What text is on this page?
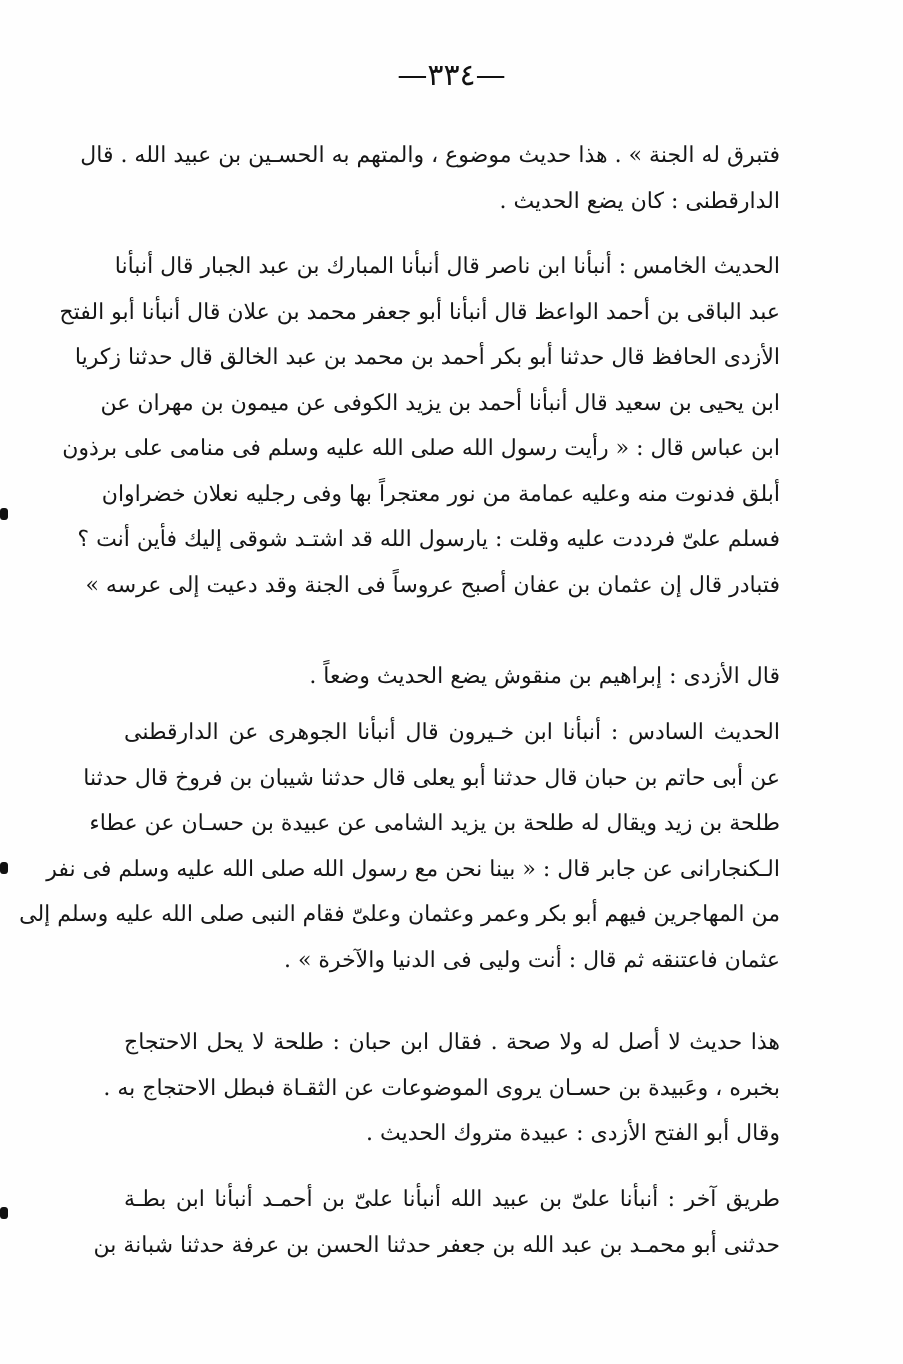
—٣٣٤—
فتبرق له الجنة » . هذا حديث موضوع ، والمتهم به الحسـين بن عبيد الله . قال
الدارقطنى : كان يضع الحديث .
الحديث الخامس : أنبأنا ابن ناصر قال أنبأنا المبارك بن عبد الجبار قال أنبأنا
عبد الباقى بن أحمد الواعظ قال أنبأنا أبو جعفر محمد بن علان قال أنبأنا أبو الفتح
الأزدى الحافظ قال حدثنا أبو بكر أحمد بن محمد بن عبد الخالق قال حدثنا زكريا
ابن يحيى بن سعيد قال أنبأنا أحمد بن يزيد الكوفى عن ميمون بن مهران عن
ابن عباس قال : « رأيت رسول الله صلى الله عليه وسلم فى منامى على برذون
أبلق فدنوت منه وعليه عمامة من نور معتجراً بها وفى رجليه نعلان خضراوان
فسلم علىّ فرددت عليه وقلت : يارسول الله قد اشتـد شوقى إليك فأين أنت ؟
فتبادر قال إن عثمان بن عفان أصبح عروساً فى الجنة وقد دعيت إلى عرسه »
قال الأزدى : إبراهيم بن منقوش يضع الحديث وضعاً .
الحديث السادس : أنبأنا ابن خـيرون قال أنبأنا الجوهرى عن الدارقطنى
عن أبى حاتم بن حبان قال حدثنا أبو يعلى قال حدثنا شيبان بن فروخ قال حدثنا
طلحة بن زيد ويقال له طلحة بن يزيد الشامى عن عبيدة بن حسـان عن عطاء
الـكنجارانى عن جابر قال : « بينا نحن مع رسول الله صلى الله عليه وسلم فى نفر
من المهاجرين فيهم أبو بكر وعمر وعثمان وعلىّ فقام النبى صلى الله عليه وسلم إلى
عثمان فاعتنقه ثم قال : أنت وليى فى الدنيا والآخرة » .
هذا حديث لا أصل له ولا صحة . فقال ابن حبان : طلحة لا يحل الاحتجاج
بخبره ، وعَبيدة بن حسـان يروى الموضوعات عن الثقـاة فبطل الاحتجاج به .
وقال أبو الفتح الأزدى : عبيدة متروك الحديث .
طريق آخر : أنبأنا علىّ بن عبيد الله أنبأنا علىّ بن أحمـد أنبأنا ابن بطـة
حدثنى أبو محمـد بن عبد الله بن جعفر حدثنا الحسن بن عرفة حدثنا شبانة بن
